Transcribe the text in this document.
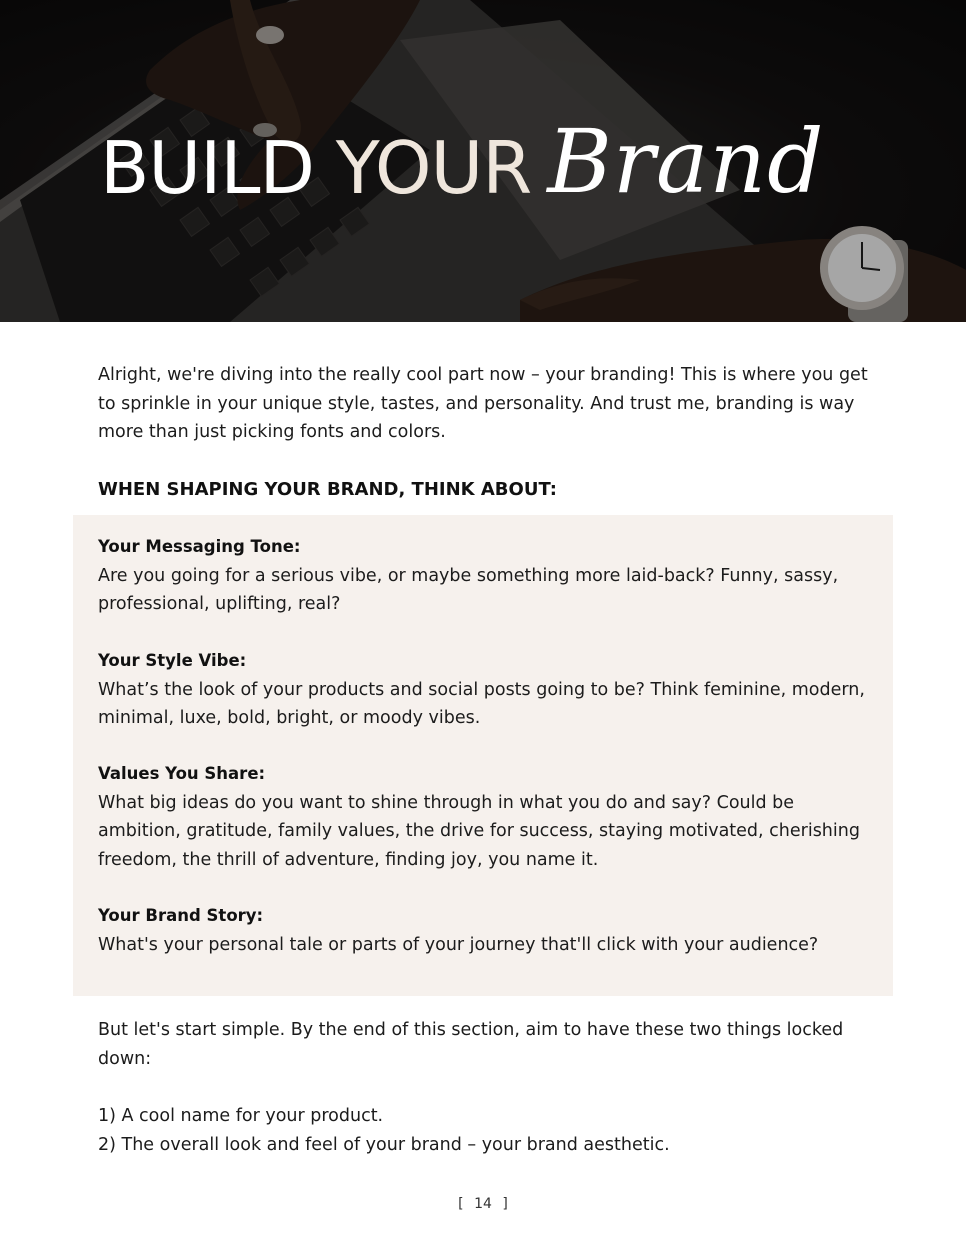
BUILD YOUR Brand
Alright, we're diving into the really cool part now – your branding! This is where you get to sprinkle in your unique style, tastes, and personality. And trust me, branding is way more than just picking fonts and colors.
WHEN SHAPING YOUR BRAND, THINK ABOUT:
Your Messaging Tone:
Are you going for a serious vibe, or maybe something more laid-back? Funny, sassy, professional, uplifting, real?
Your Style Vibe:
What’s the look of your products and social posts going to be? Think feminine, modern, minimal, luxe, bold, bright, or moody vibes.
Values You Share:
What big ideas do you want to shine through in what you do and say? Could be ambition, gratitude, family values, the drive for success, staying motivated, cherishing freedom, the thrill of adventure, finding joy, you name it.
Your Brand Story:
What's your personal tale or parts of your journey that'll click with your audience?
But let's start simple. By the end of this section, aim to have these two things locked down:
1) A cool name for your product.
2) The overall look and feel of your brand – your brand aesthetic.
[ 14 ]
